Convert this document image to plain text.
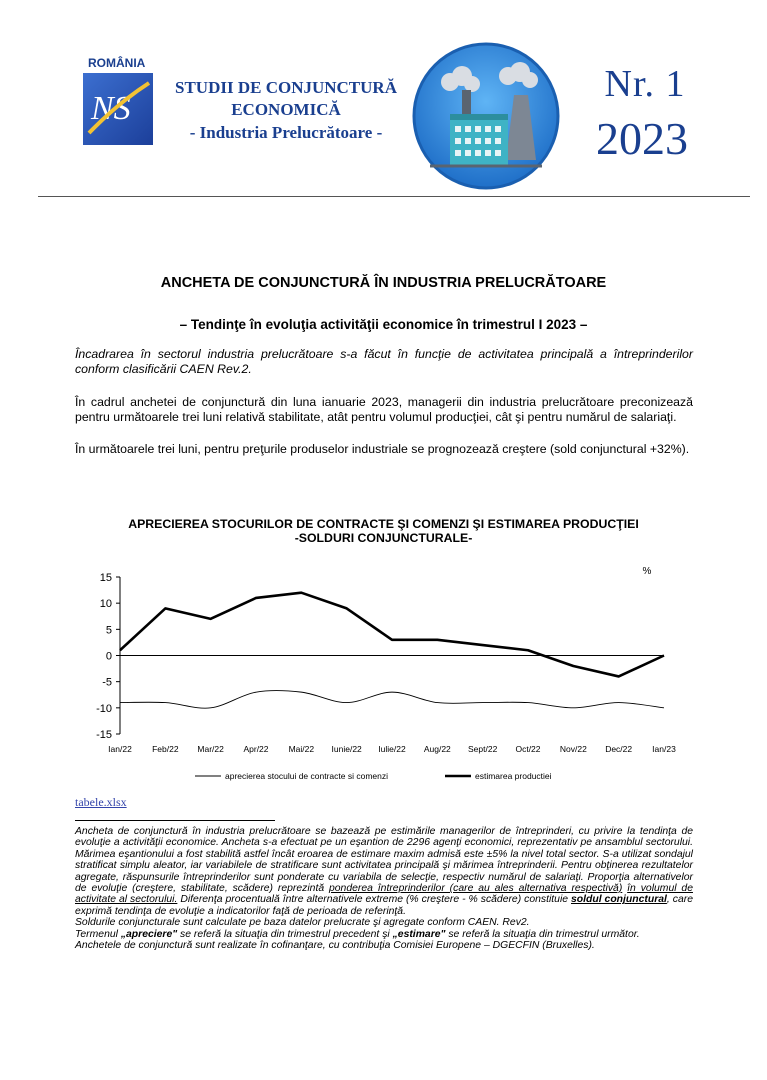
ROMÂNIA
NS
STUDII DE CONJUNCTURĂ
ECONOMICĂ
- Industria Prelucrătoare -
Nr. 1
2023
ANCHETA DE CONJUNCTURĂ ÎN INDUSTRIA PRELUCRĂTOARE
– Tendinţe în evoluţia activităţii economice în trimestrul I 2023 –
Încadrarea în sectorul industria prelucrătoare s-a făcut în funcţie de activitatea principală a întreprinderilor conform clasificării CAEN Rev.2.
În cadrul anchetei de conjunctură din luna ianuarie 2023, managerii din industria prelucrătoare preconizează pentru următoarele trei luni relativă stabilitate, atât pentru volumul producţiei, cât şi pentru numărul de salariaţi.
În următoarele trei luni, pentru preţurile produselor industriale se prognozează creştere (sold conjunctural +32%).
APRECIEREA STOCURILOR DE CONTRACTE ŞI COMENZI ŞI ESTIMAREA PRODUCŢIEI
-SOLDURI CONJUNCTURALE-
15
10
5
0
-5
-10
-15
Ian/22 Feb/22 Mar/22 Apr/22 Mai/22 Iunie/22 Iulie/22 Aug/22 Sept/22 Oct/22 Nov/22 Dec/22 Ian/23
%
aprecierea stocului de contracte si comenzi	estimarea productiei
tabele.xlsx

Ancheta de conjunctură în industria prelucrătoare se bazează pe estimările managerilor de întreprinderi, cu privire la tendinţa de evoluţie a activităţii economice. Ancheta s-a efectuat pe un eşantion de 2296 agenţi economici, reprezentativ pe ansamblul sectorului. Mărimea eşantionului a fost stabilită astfel încât eroarea de estimare maxim admisă este ±5% la nivel total sector. S-a utilizat sondajul stratificat simplu aleator, iar variabilele de stratificare sunt activitatea principală şi mărimea întreprinderii. Pentru obţinerea rezultatelor agregate, răspunsurile întreprinderilor sunt ponderate cu variabila de selecţie, respectiv numărul de salariaţi. Proporţia alternativelor de evoluţie (creştere, stabilitate, scădere) reprezintă ponderea întreprinderilor (care au ales alternativa respectivă) în volumul de activitate al sectorului. Diferenţa procentuală între alternativele extreme (% creştere - % scădere) constituie soldul conjunctural, care exprimă tendinţa de evoluţie a indicatorilor faţă de perioada de referinţă.

Soldurile conjuncturale sunt calculate pe baza datelor prelucrate şi agregate conform CAEN. Rev2.

Termenul „apreciere" se referă la situaţia din trimestrul precedent şi „estimare" se referă la situaţia din trimestrul următor.

Anchetele de conjunctură sunt realizate în cofinanţare, cu contribuţia Comisiei Europene – DGECFIN (Bruxelles).
